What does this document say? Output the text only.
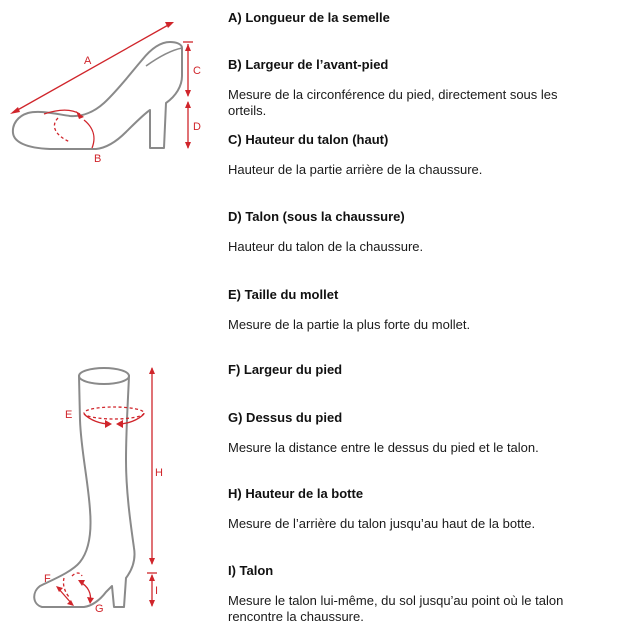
A
C
D
B
E
H
I
F
G
A) Longueur de la semelle
B) Largeur de l’avant-pied

Mesure de la circonférence du pied, directement sous les orteils.

C) Hauteur du talon (haut)

Hauteur de la partie arrière de la chaussure.

D) Talon (sous la chaussure)

Hauteur du talon de la chaussure.

E) Taille du mollet

Mesure de la partie la plus forte du mollet.

F) Largeur du pied
G) Dessus du pied

Mesure la distance entre le dessus du pied et le talon.

H) Hauteur de la botte

Mesure de l’arrière du talon jusqu’au haut de la botte.

I) Talon

Mesure le talon lui-même, du sol jusqu’au point où le talon rencontre la chaussure.
